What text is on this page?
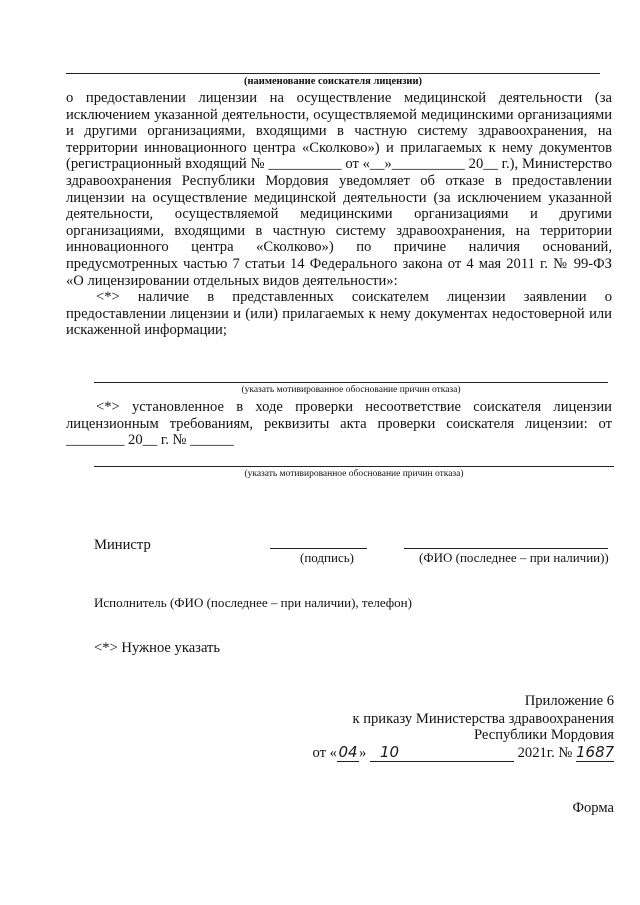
(наименование соискателя лицензии)

о предоставлении лицензии на осуществление медицинской деятельности (за исключением указанной деятельности, осуществляемой медицинскими организациями и другими организациями, входящими в частную систему здравоохранения, на территории инновационного центра «Сколково») и прилагаемых к нему документов (регистрационный входящий № __________ от «__»__________ 20__ г.), Министерство здравоохранения Республики Мордовия уведомляет об отказе в предоставлении лицензии на осуществление медицинской деятельности (за исключением указанной деятельности, осуществляемой медицинскими организациями и другими организациями, входящими в частную систему здравоохранения, на территории инновационного центра «Сколково») по причине наличия оснований, предусмотренных частью 7 статьи 14 Федерального закона от 4 мая 2011 г. № 99-ФЗ «О лицензировании отдельных видов деятельности»:

<*> наличие в представленных соискателем лицензии заявлении о предоставлении лицензии и (или) прилагаемых к нему документах недостоверной или искаженной информации;

(указать мотивированное обоснование причин отказа)

<*> установленное в ходе проверки несоответствие соискателя лицензии лицензионным требованиям, реквизиты акта проверки соискателя лицензии: от ________ 20__ г. № ______

(указать мотивированное обоснование причин отказа)
Министр
(подпись)	(ФИО (последнее – при наличии))
Исполнитель (ФИО (последнее – при наличии), телефон)
<*> Нужное указать
Приложение 6
к приказу Министерства здравоохранения
Республики Мордовия
от «04» 10	2021г. № 1687
Форма
